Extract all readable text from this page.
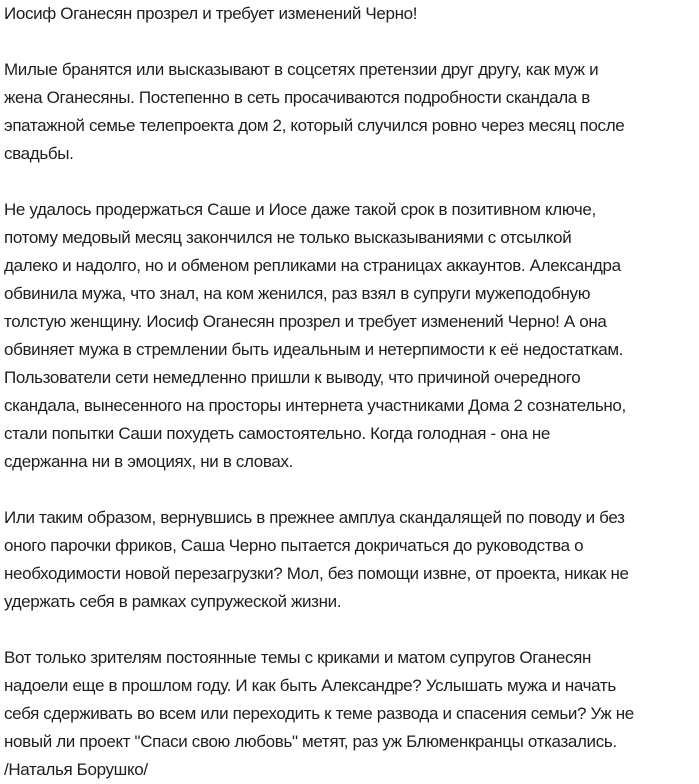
Иосиф Оганесян прозрел и требует изменений Черно!

Милые бранятся или высказывают в соцсетях претензии друг другу, как муж и
жена Оганесяны. Постепенно в сеть просачиваются подробности скандала в
эпатажной семье телепроекта дом 2, который случился ровно через месяц после
свадьбы.

Не удалось продержаться Саше и Иосе даже такой срок в позитивном ключе,
потому медовый месяц закончился не только высказываниями с отсылкой
далеко и надолго, но и обменом репликами на страницах аккаунтов. Александра
обвинила мужа, что знал, на ком женился, раз взял в супруги мужеподобную
толстую женщину. Иосиф Оганесян прозрел и требует изменений Черно! А она
обвиняет мужа в стремлении быть идеальным и нетерпимости к её недостаткам.
Пользователи сети немедленно пришли к выводу, что причиной очередного
скандала, вынесенного на просторы интернета участниками Дома 2 сознательно,
стали попытки Саши похудеть самостоятельно. Когда голодная - она не
сдержанна ни в эмоциях, ни в словах.

Или таким образом, вернувшись в прежнее амплуа скандалящей по поводу и без
оного парочки фриков, Саша Черно пытается докричаться до руководства о
необходимости новой перезагрузки? Мол, без помощи извне, от проекта, никак не
удержать себя в рамках супружеской жизни.

Вот только зрителям постоянные темы с криками и матом супругов Оганесян
надоели еще в прошлом году. И как быть Александре? Услышать мужа и начать
себя сдерживать во всем или переходить к теме развода и спасения семьи? Уж не
новый ли проект "Спаси свою любовь" метят, раз уж Блюменкранцы отказались.
/Наталья Борушко/
